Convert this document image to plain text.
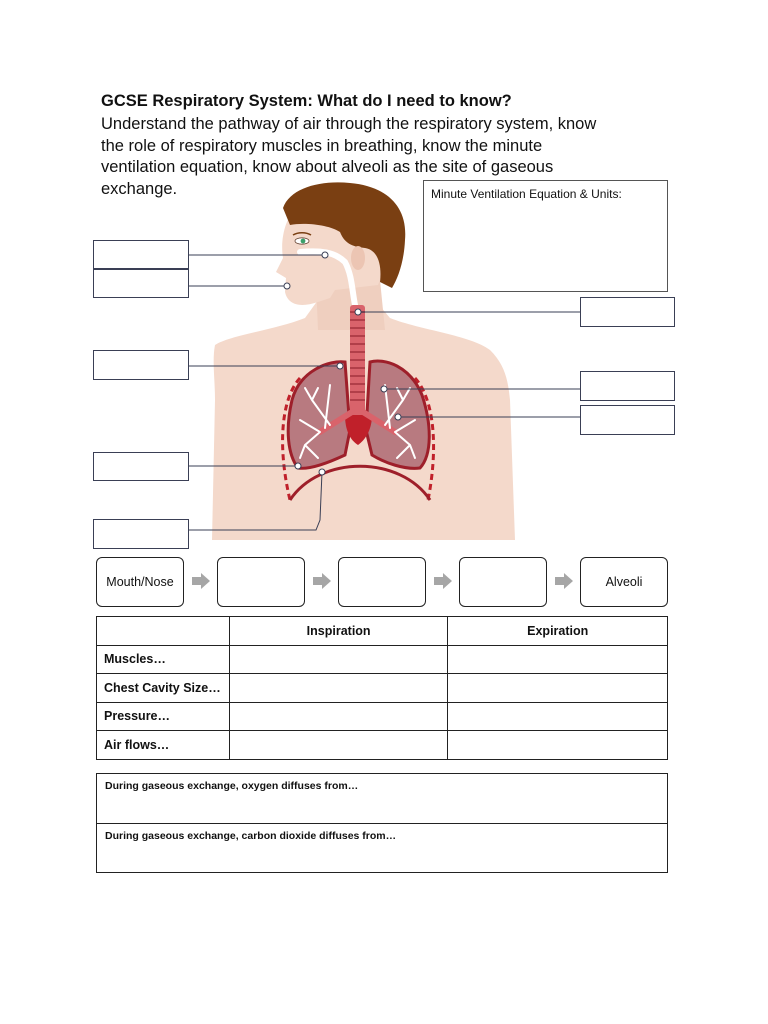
GCSE Respiratory System: What do I need to know?
Understand the pathway of air through the respiratory system, know
the role of respiratory muscles in breathing, know the minute
ventilation equation, know about alveoli as the site of gaseous
exchange.	Minute Ventilation Equation & Units:
Mouth/Nose	Alveoli
	Inspiration	Expiration
Muscles…		
Chest Cavity Size…		
Pressure…		
Air flows…		
During gaseous exchange, oxygen diffuses from…
During gaseous exchange, carbon dioxide diffuses from…
